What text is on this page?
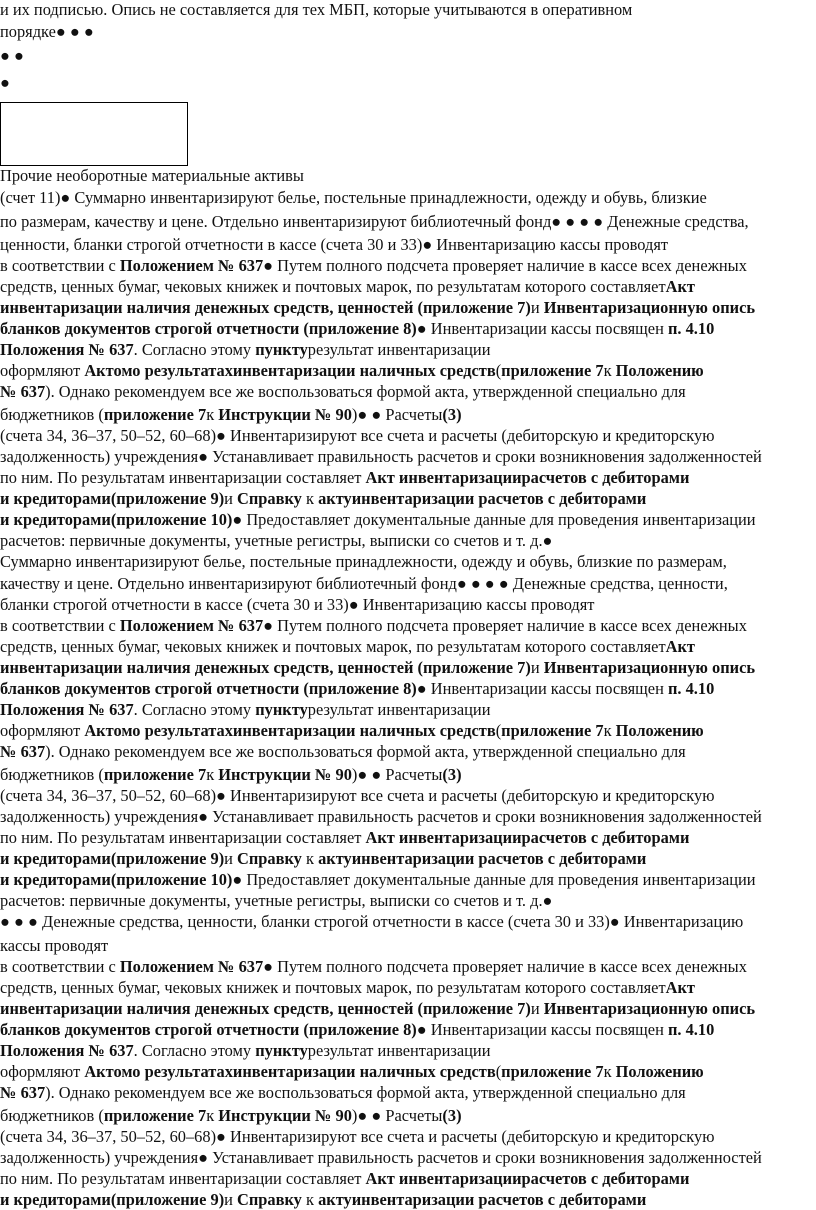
и их подписью. Опись не составляется для тех МБП, которые учитываются в оперативном
порядке● ● ●
● ●
●
Прочие необоротные материальные активы
(счет 11)● Суммарно инвентаризируют белье, постельные принадлежности, одежду и обувь, близкие
по размерам, качеству и цене. Отдельно инвентаризируют библиотечный фонд● ● ● ● Денежные средства,
ценности, бланки строгой отчетности в кассе (счета 30 и 33)● Инвентаризацию кассы проводят
в соответствии с Положением № 637● Путем полного подсчета проверяет наличие в кассе всех денежных
средств, ценных бумаг, чековых книжек и почтовых марок, по результатам которого составляетАкт
инвентаризации наличия денежных средств, ценностей (приложение 7)и Инвентаризационную опись
бланков документов строгой отчетности (приложение 8)● Инвентаризации кассы посвящен п. 4.10
Положения № 637. Согласно этому пунктурезультат инвентаризации
оформляют Актомо результатахинвентаризации наличных средств(приложение 7к Положению
№ 637). Однако рекомендуем все же воспользоваться формой акта, утвержденной специально для
бюджетников (приложение 7к Инструкции № 90)● ● Расчеты(3)
(счета 34, 36–37, 50–52, 60–68)● Инвентаризируют все счета и расчеты (дебиторскую и кредиторскую
задолженность) учреждения● Устанавливает правильность расчетов и сроки возникновения задолженностей
по ним. По результатам инвентаризации составляет Акт инвентаризациирасчетов с дебиторами
и кредиторами(приложение 9)и Справку к актуинвентаризации расчетов с дебиторами
и кредиторами(приложение 10)● Предоставляет документальные данные для проведения инвентаризации
расчетов: первичные документы, учетные регистры, выписки со счетов и т. д.●
Суммарно инвентаризируют белье, постельные принадлежности, одежду и обувь, близкие по размерам,
качеству и цене. Отдельно инвентаризируют библиотечный фонд● ● ● ● Денежные средства, ценности,
бланки строгой отчетности в кассе (счета 30 и 33)● Инвентаризацию кассы проводят
в соответствии с Положением № 637● Путем полного подсчета проверяет наличие в кассе всех денежных
средств, ценных бумаг, чековых книжек и почтовых марок, по результатам которого составляетАкт
инвентаризации наличия денежных средств, ценностей (приложение 7)и Инвентаризационную опись
бланков документов строгой отчетности (приложение 8)● Инвентаризации кассы посвящен п. 4.10
Положения № 637. Согласно этому пунктурезультат инвентаризации
оформляют Актомо результатахинвентаризации наличных средств(приложение 7к Положению
№ 637). Однако рекомендуем все же воспользоваться формой акта, утвержденной специально для
бюджетников (приложение 7к Инструкции № 90)● ● Расчеты(3)
(счета 34, 36–37, 50–52, 60–68)● Инвентаризируют все счета и расчеты (дебиторскую и кредиторскую
задолженность) учреждения● Устанавливает правильность расчетов и сроки возникновения задолженностей
по ним. По результатам инвентаризации составляет Акт инвентаризациирасчетов с дебиторами
и кредиторами(приложение 9)и Справку к актуинвентаризации расчетов с дебиторами
и кредиторами(приложение 10)● Предоставляет документальные данные для проведения инвентаризации
расчетов: первичные документы, учетные регистры, выписки со счетов и т. д.●
● ● ● Денежные средства, ценности, бланки строгой отчетности в кассе (счета 30 и 33)● Инвентаризацию
кассы проводят
в соответствии с Положением № 637● Путем полного подсчета проверяет наличие в кассе всех денежных
средств, ценных бумаг, чековых книжек и почтовых марок, по результатам которого составляетАкт
инвентаризации наличия денежных средств, ценностей (приложение 7)и Инвентаризационную опись
бланков документов строгой отчетности (приложение 8)● Инвентаризации кассы посвящен п. 4.10
Положения № 637. Согласно этому пунктурезультат инвентаризации
оформляют Актомо результатахинвентаризации наличных средств(приложение 7к Положению
№ 637). Однако рекомендуем все же воспользоваться формой акта, утвержденной специально для
бюджетников (приложение 7к Инструкции № 90)● ● Расчеты(3)
(счета 34, 36–37, 50–52, 60–68)● Инвентаризируют все счета и расчеты (дебиторскую и кредиторскую
задолженность) учреждения● Устанавливает правильность расчетов и сроки возникновения задолженностей
по ним. По результатам инвентаризации составляет Акт инвентаризациирасчетов с дебиторами
и кредиторами(приложение 9)и Справку к актуинвентаризации расчетов с дебиторами
